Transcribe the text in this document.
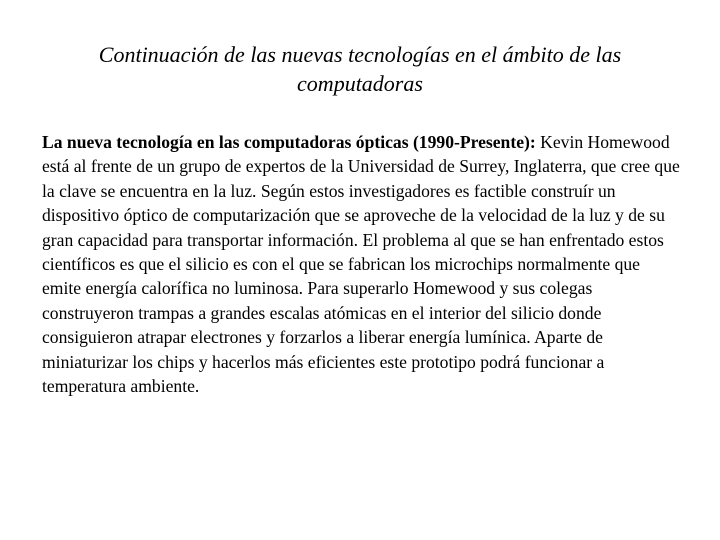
Continuación de las nuevas tecnologías en el ámbito de las computadoras
La nueva tecnología en las computadoras ópticas (1990-Presente): Kevin Homewood está al frente de un grupo de expertos de la Universidad de Surrey, Inglaterra, que cree que la clave se encuentra en la luz. Según estos investigadores es factible construír un dispositivo óptico de computarización que se aproveche de la velocidad de la luz y de su gran capacidad para transportar información. El problema al que se han enfrentado estos científicos es que el silicio es con el que se fabrican los microchips normalmente que emite energía calorífica no luminosa. Para superarlo Homewood y sus colegas construyeron trampas a grandes escalas atómicas en el interior del silicio donde consiguieron atrapar electrones y forzarlos a liberar energía lumínica. Aparte de miniaturizar los chips y hacerlos más eficientes este prototipo podrá funcionar a temperatura ambiente.
